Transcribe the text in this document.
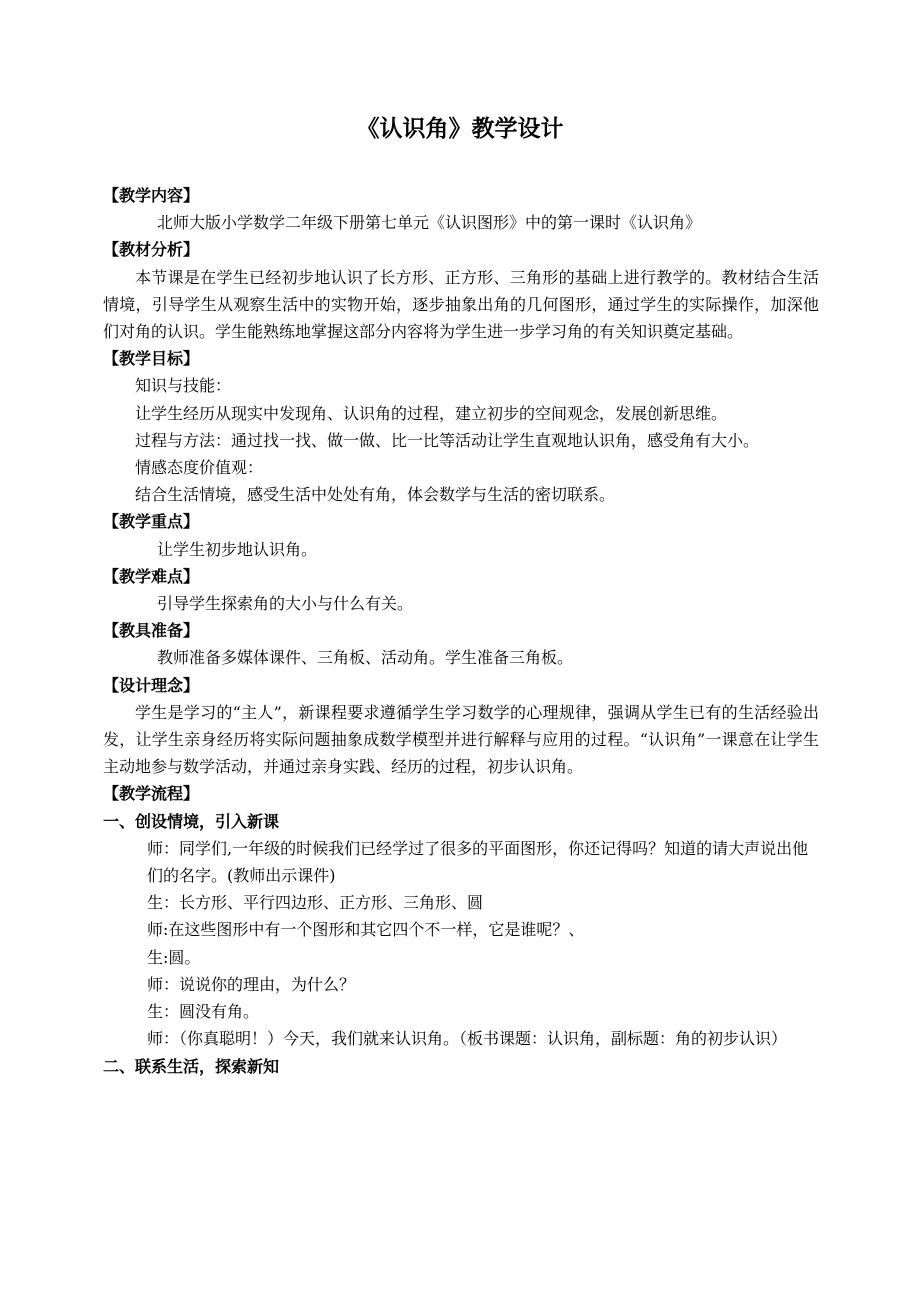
《认识角》教学设计
【教学内容】
北师大版小学数学二年级下册第七单元《认识图形》中的第一课时《认识角》
【教材分析】
本节课是在学生已经初步地认识了长方形、正方形、三角形的基础上进行教学的。教材结合生活情境，引导学生从观察生活中的实物开始，逐步抽象出角的几何图形，通过学生的实际操作，加深他们对角的认识。学生能熟练地掌握这部分内容将为学生进一步学习角的有关知识奠定基础。
【教学目标】
知识与技能：
让学生经历从现实中发现角、认识角的过程，建立初步的空间观念，发展创新思维。
过程与方法：通过找一找、做一做、比一比等活动让学生直观地认识角，感受角有大小。
情感态度价值观：
结合生活情境，感受生活中处处有角，体会数学与生活的密切联系。
【教学重点】
让学生初步地认识角。
【教学难点】
引导学生探索角的大小与什么有关。
【教具准备】
教师准备多媒体课件、三角板、活动角。学生准备三角板。
【设计理念】
学生是学习的“主人”，新课程要求遵循学生学习数学的心理规律，强调从学生已有的生活经验出发，让学生亲身经历将实际问题抽象成数学模型并进行解释与应用的过程。“认识角”一课意在让学生主动地参与数学活动，并通过亲身实践、经历的过程，初步认识角。
【教学流程】
一、创设情境，引入新课
师：同学们,一年级的时候我们已经学过了很多的平面图形，你还记得吗？知道的请大声说出他们的名字。(教师出示课件)
生：长方形、平行四边形、正方形、三角形、圆
师:在这些图形中有一个图形和其它四个不一样，它是谁呢？、
生:圆。
师：说说你的理由，为什么？
生：圆没有角。
师：（你真聪明！）今天，我们就来认识角。（板书课题：认识角，副标题：角的初步认识）
二、联系生活，探索新知
